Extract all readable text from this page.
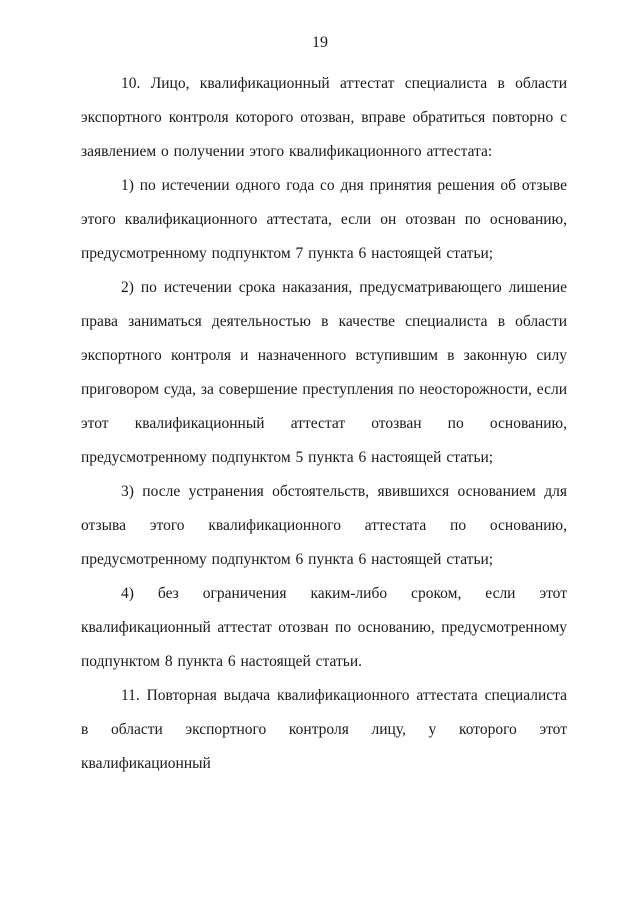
19

10. Лицо, квалификационный аттестат специалиста в области экспортного контроля которого отозван, вправе обратиться повторно с заявлением о получении этого квалификационного аттестата:

1) по истечении одного года со дня принятия решения об отзыве этого квалификационного аттестата, если он отозван по основанию, предусмотренному подпунктом 7 пункта 6 настоящей статьи;

2) по истечении срока наказания, предусматривающего лишение права заниматься деятельностью в качестве специалиста в области экспортного контроля и назначенного вступившим в законную силу приговором суда, за совершение преступления по неосторожности, если этот квалификационный аттестат отозван по основанию, предусмотренному подпунктом 5 пункта 6 настоящей статьи;

3) после устранения обстоятельств, явившихся основанием для отзыва этого квалификационного аттестата по основанию, предусмотренному подпунктом 6 пункта 6 настоящей статьи;

4) без ограничения каким-либо сроком, если этот квалификационный аттестат отозван по основанию, предусмотренному подпунктом 8 пункта 6 настоящей статьи.

11. Повторная выдача квалификационного аттестата специалиста в области экспортного контроля лицу, у которого этот квалификационный
